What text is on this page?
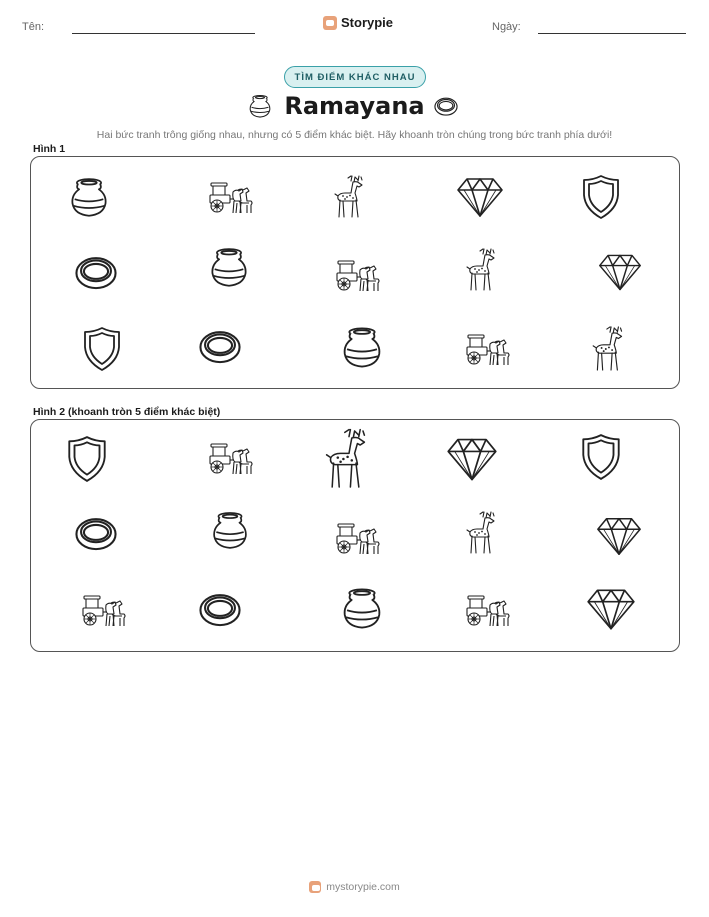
Tên:	Storypie	Ngày:
TÌM ĐIỂM KHÁC NHAU
Ramayana
Hai bức tranh trông giống nhau, nhưng có 5 điểm khác biệt. Hãy khoanh tròn chúng trong bức tranh phía dưới!
Hình 1
Hình 2 (khoanh tròn 5 điểm khác biệt)
mystorypie.com
